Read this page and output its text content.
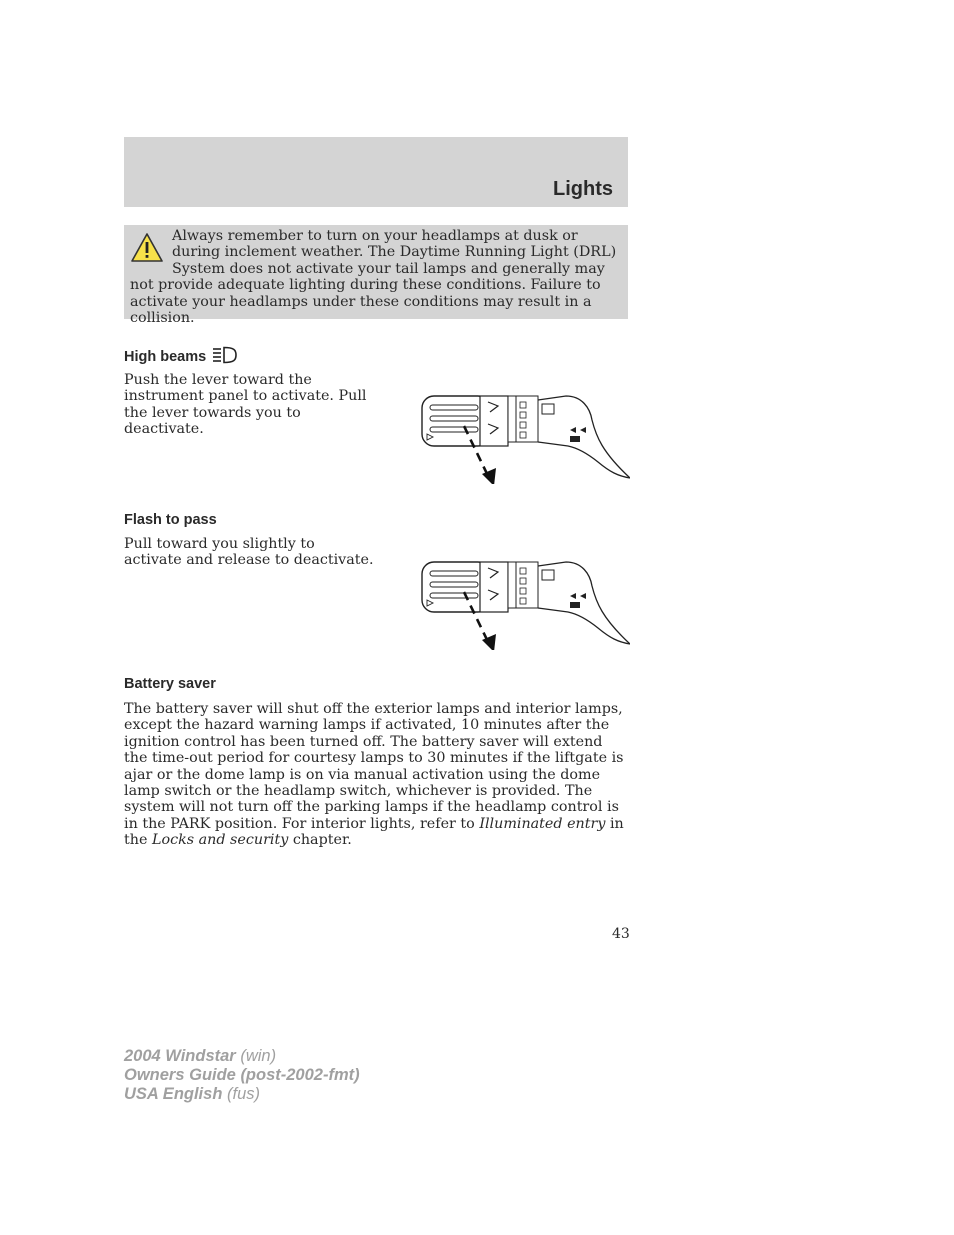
Lights
Always remember to turn on your headlamps at dusk or during inclement weather. The Daytime Running Light (DRL) System does not activate your tail lamps and generally may not provide adequate lighting during these conditions. Failure to activate your headlamps under these conditions may result in a collision.
High beams

Push the lever toward the instrument panel to activate. Pull the lever towards you to deactivate.

Flash to pass

Pull toward you slightly to activate and release to deactivate.

Battery saver

The battery saver will shut off the exterior lamps and interior lamps, except the hazard warning lamps if activated, 10 minutes after the ignition control has been turned off. The battery saver will extend the time-out period for courtesy lamps to 30 minutes if the liftgate is ajar or the dome lamp is on via manual activation using the dome lamp switch or the headlamp switch, whichever is provided. The system will not turn off the parking lamps if the headlamp control is in the PARK position. For interior lights, refer to Illuminated entry in the Locks and security chapter.

43
2004 Windstar (win)
Owners Guide (post-2002-fmt)
USA English (fus)
